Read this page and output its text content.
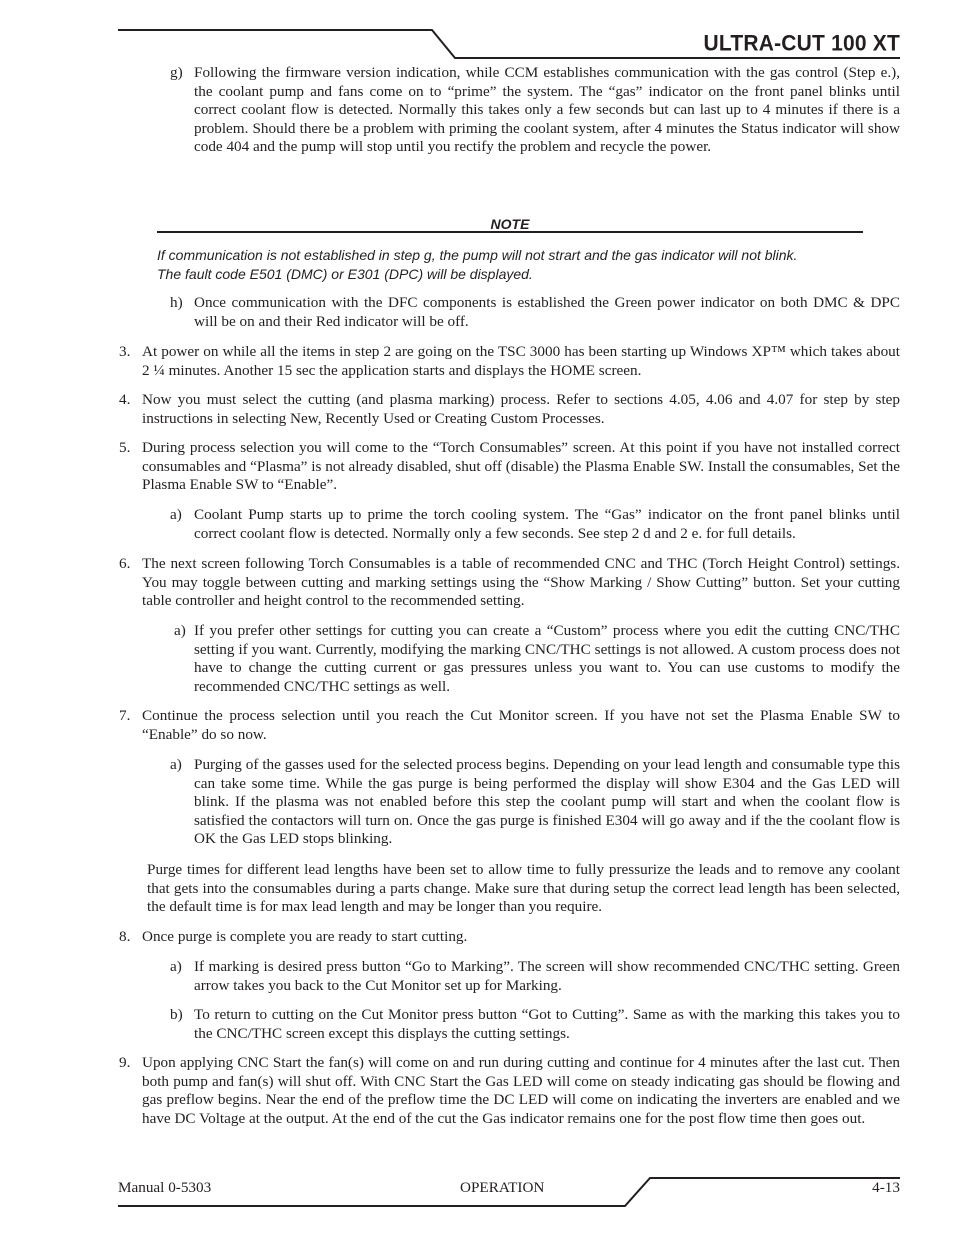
ULTRA-CUT 100 XT
g) Following the firmware version indication, while CCM establishes communication with the gas control (Step e.), the coolant pump and fans come on to “prime” the system. The “gas” indicator on the front panel blinks until correct coolant flow is detected. Normally this takes only a few seconds but can last up to 4 minutes if there is a problem. Should there be a problem with priming the coolant system, after 4 minutes the Status indicator will show code 404 and the pump will stop until you rectify the problem and recycle the power.

NOTE

If communication is not established in step g, the pump will not strart and the gas indicator will not blink.

The fault code E501 (DMC) or E301 (DPC) will be displayed.

h) Once communication with the DFC components is established the Green power indicator on both DMC & DPC will be on and their Red indicator will be off.

3. At power on while all the items in step 2 are going on the TSC 3000 has been starting up Windows XP™ which takes about 2 ¼ minutes. Another 15 sec the application starts and displays the HOME screen.

4. Now you must select the cutting (and plasma marking) process. Refer to sections 4.05, 4.06 and 4.07 for step by step instructions in selecting New, Recently Used or Creating Custom Processes.

5. During process selection you will come to the “Torch Consumables” screen. At this point if you have not installed correct consumables and “Plasma” is not already disabled, shut off (disable) the Plasma Enable SW. Install the consumables, Set the Plasma Enable SW to “Enable”.

a) Coolant Pump starts up to prime the torch cooling system. The “Gas” indicator on the front panel blinks until correct coolant flow is detected. Normally only a few seconds. See step 2 d and 2 e. for full details.

6. The next screen following Torch Consumables is a table of recommended CNC and THC (Torch Height Control) settings. You may toggle between cutting and marking settings using the “Show Marking / Show Cutting” button. Set your cutting table controller and height control to the recommended setting.

a) If you prefer other settings for cutting you can create a “Custom” process where you edit the cutting CNC/THC setting if you want. Currently, modifying the marking CNC/THC settings is not allowed. A custom process does not have to change the cutting current or gas pressures unless you want to. You can use customs to modify the recommended CNC/THC settings as well.

7. Continue the process selection until you reach the Cut Monitor screen. If you have not set the Plasma Enable SW to “Enable” do so now.

a) Purging of the gasses used for the selected process begins. Depending on your lead length and consumable type this can take some time. While the gas purge is being performed the display will show E304 and the Gas LED will blink. If the plasma was not enabled before this step the coolant pump will start and when the coolant flow is satisfied the contactors will turn on. Once the gas purge is finished E304 will go away and if the the coolant flow is OK the Gas LED stops blinking.

Purge times for different lead lengths have been set to allow time to fully pressurize the leads and to remove any coolant that gets into the consumables during a parts change. Make sure that during setup the correct lead length has been selected, the default time is for max lead length and may be longer than you require.

8. Once purge is complete you are ready to start cutting.

a) If marking is desired press button “Go to Marking”. The screen will show recommended CNC/THC setting. Green arrow takes you back to the Cut Monitor set up for Marking.

b) To return to cutting on the Cut Monitor press button “Got to Cutting”. Same as with the marking this takes you to the CNC/THC screen except this displays the cutting settings.

9. Upon applying CNC Start the fan(s) will come on and run during cutting and continue for 4 minutes after the last cut. Then both pump and fan(s) will shut off. With CNC Start the Gas LED will come on steady indicating gas should be flowing and gas preflow begins. Near the end of the preflow time the DC LED will come on indicating the inverters are enabled and we have DC Voltage at the output. At the end of the cut the Gas indicator remains one for the post flow time then goes out.

Manual 0-5303	OPERATION	4-13
